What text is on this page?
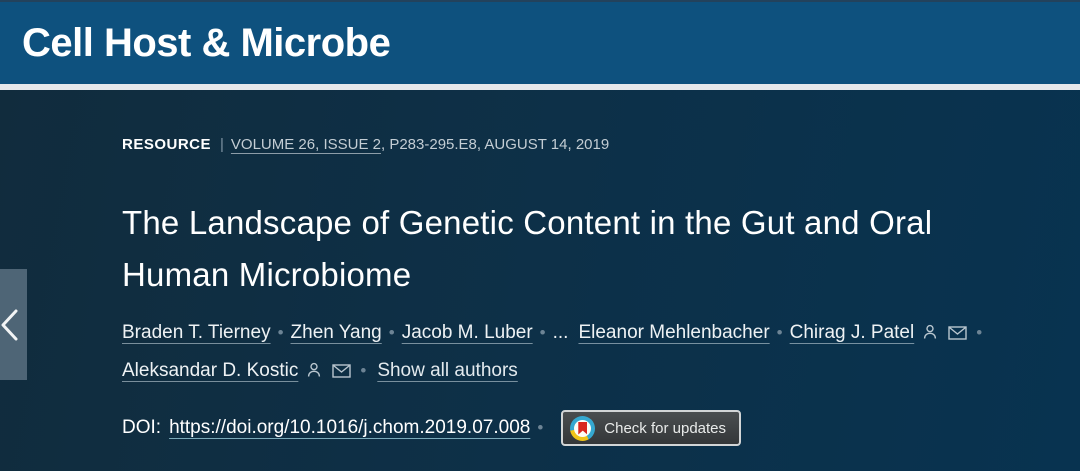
Cell Host & Microbe
RESOURCE | VOLUME 26, ISSUE 2, P283-295.E8, AUGUST 14, 2019
The Landscape of Genetic Content in the Gut and Oral
Human Microbiome
Braden T. Tierney • Zhen Yang • Jacob M. Luber • ... Eleanor Mehlenbacher • Chirag J. Patel	•
Aleksandar D. Kostic	• Show all authors
DOI: https://doi.org/10.1016/j.chom.2019.07.008 •	Check for updates
